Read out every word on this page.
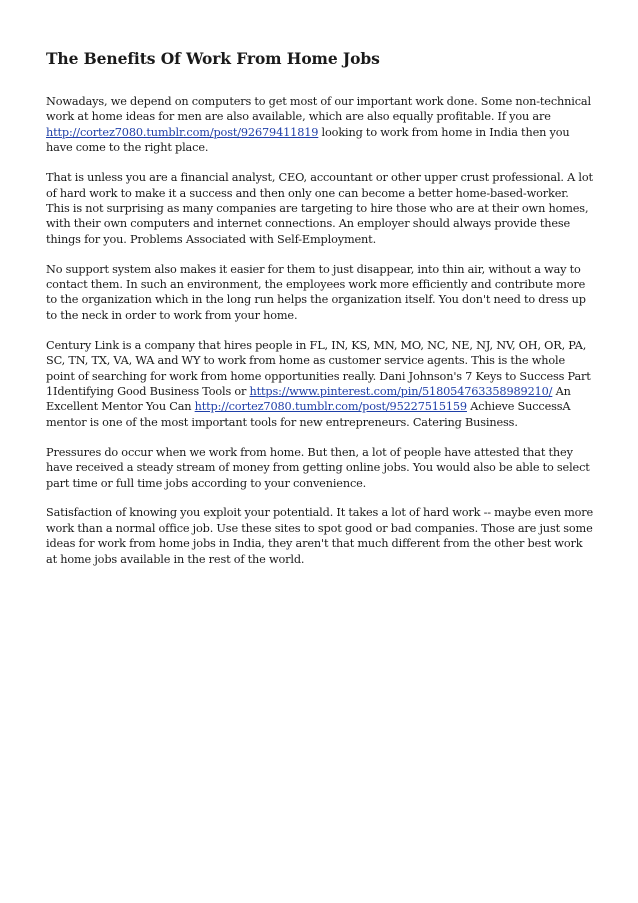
The Benefits Of Work From Home Jobs

Nowadays, we depend on computers to get most of our important work done. Some non-technical work at home ideas for men are also available, which are also equally profitable. If you are http://cortez7080.tumblr.com/post/92679411819 looking to work from home in India then you have come to the right place.

That is unless you are a financial analyst, CEO, accountant or other upper crust professional. A lot of hard work to make it a success and then only one can become a better home-based-worker. This is not surprising as many companies are targeting to hire those who are at their own homes, with their own computers and internet connections. An employer should always provide these things for you. Problems Associated with Self-Employment.

No support system also makes it easier for them to just disappear, into thin air, without a way to contact them. In such an environment, the employees work more efficiently and contribute more to the organization which in the long run helps the organization itself. You don't need to dress up to the neck in order to work from your home.

Century Link is a company that hires people in FL, IN, KS, MN, MO, NC, NE, NJ, NV, OH, OR, PA, SC, TN, TX, VA, WA and WY to work from home as customer service agents. This is the whole point of searching for work from home opportunities really. Dani Johnson's 7 Keys to Success Part 1Identifying Good Business Tools or https://www.pinterest.com/pin/518054763358989210/ An Excellent Mentor You Can http://cortez7080.tumblr.com/post/95227515159 Achieve SuccessA mentor is one of the most important tools for new entrepreneurs. Catering Business.

Pressures do occur when we work from home. But then, a lot of people have attested that they have received a steady stream of money from getting online jobs. You would also be able to select part time or full time jobs according to your convenience.

Satisfaction of knowing you exploit your potentiald. It takes a lot of hard work -- maybe even more work than a normal office job. Use these sites to spot good or bad companies. Those are just some ideas for work from home jobs in India, they aren't that much different from the other best work at home jobs available in the rest of the world.
